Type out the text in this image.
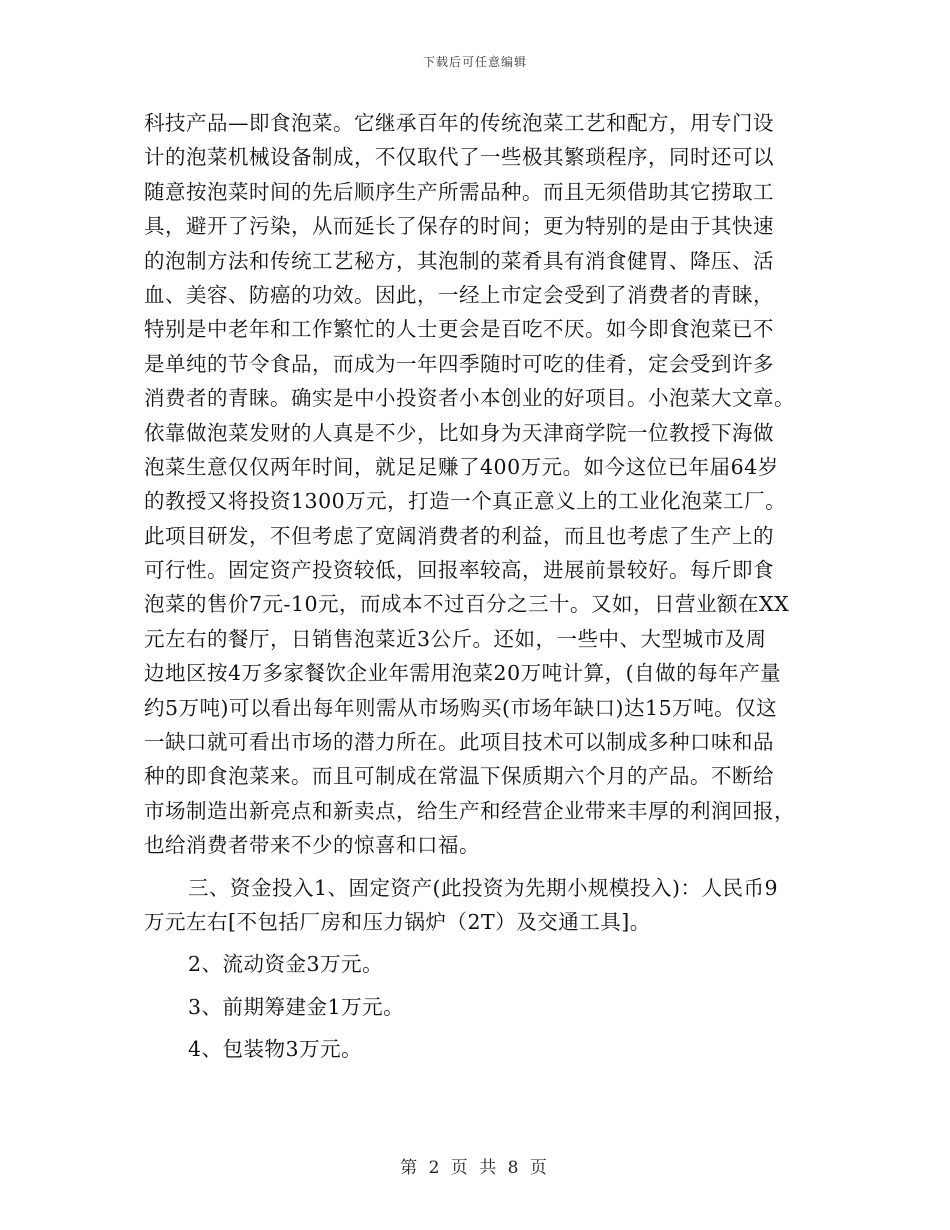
下载后可任意编辑
科技产品—即食泡菜。它继承百年的传统泡菜工艺和配方，用专门设
计的泡菜机械设备制成，不仅取代了一些极其繁琐程序，同时还可以
随意按泡菜时间的先后顺序生产所需品种。而且无须借助其它捞取工
具，避开了污染，从而延长了保存的时间；更为特别的是由于其快速
的泡制方法和传统工艺秘方，其泡制的菜肴具有消食健胃、降压、活
血、美容、防癌的功效。因此，一经上市定会受到了消费者的青睐，
特别是中老年和工作繁忙的人士更会是百吃不厌。如今即食泡菜已不
是单纯的节令食品，而成为一年四季随时可吃的佳肴，定会受到许多
消费者的青睐。确实是中小投资者小本创业的好项目。小泡菜大文章。
依靠做泡菜发财的人真是不少，比如身为天津商学院一位教授下海做
泡菜生意仅仅两年时间，就足足赚了400万元。如今这位已年届64岁
的教授又将投资1300万元，打造一个真正意义上的工业化泡菜工厂。
此项目研发，不但考虑了宽阔消费者的利益，而且也考虑了生产上的
可行性。固定资产投资较低，回报率较高，进展前景较好。每斤即食
泡菜的售价7元-10元，而成本不过百分之三十。又如，日营业额在XX
元左右的餐厅，日销售泡菜近3公斤。还如，一些中、大型城市及周
边地区按4万多家餐饮企业年需用泡菜20万吨计算，(自做的每年产量
约5万吨)可以看出每年则需从市场购买(市场年缺口)达15万吨。仅这
一缺口就可看出市场的潜力所在。此项目技术可以制成多种口味和品
种的即食泡菜来。而且可制成在常温下保质期六个月的产品。不断给
市场制造出新亮点和新卖点，给生产和经营企业带来丰厚的利润回报，
也给消费者带来不少的惊喜和口福。
三、资金投入1、固定资产(此投资为先期小规模投入)：人民币9
万元左右[不包括厂房和压力锅炉（2T）及交通工具]。
2、流动资金3万元。
3、前期筹建金1万元。
4、包装物3万元。
第 2 页 共 8 页
